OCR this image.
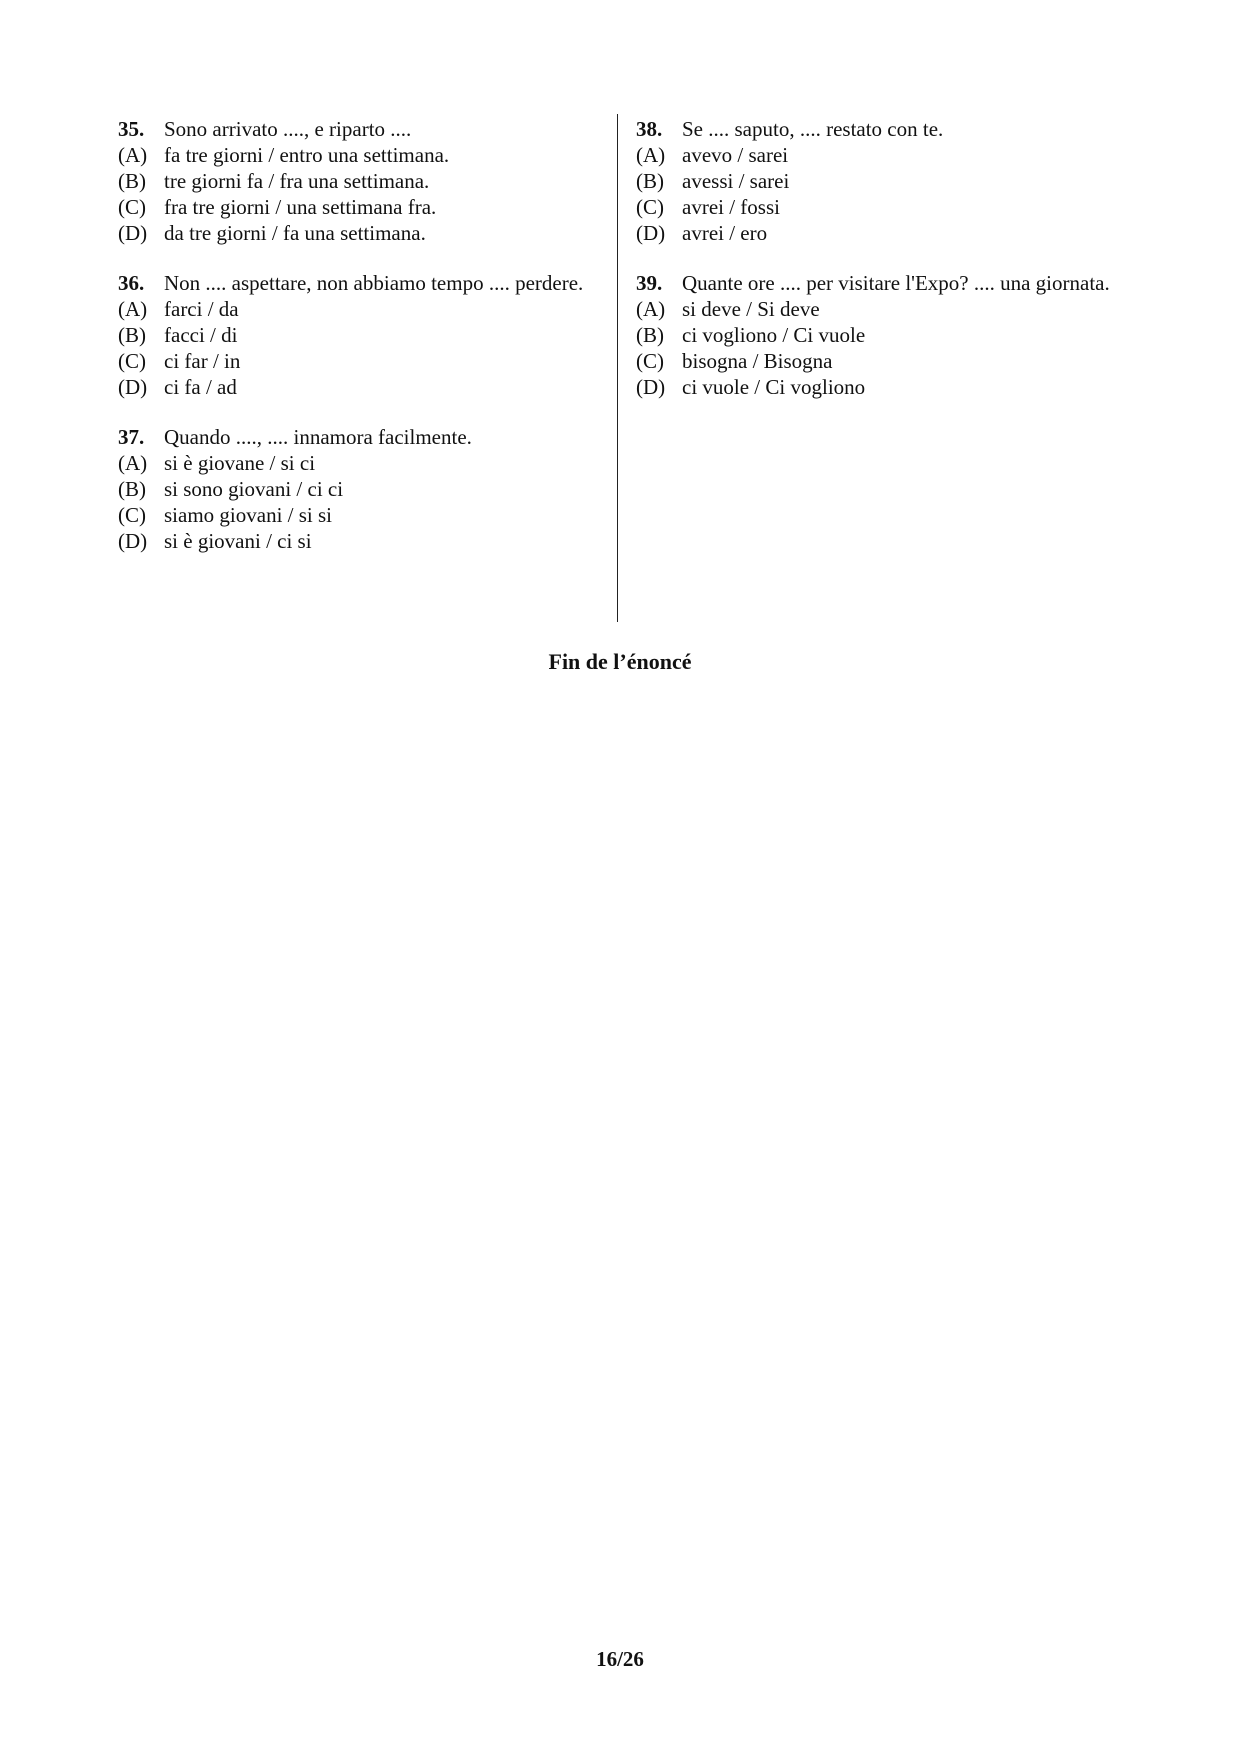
35. Sono arrivato ...., e riparto ....
(A) fa tre giorni / entro una settimana.
(B) tre giorni fa / fra una settimana.
(C) fra tre giorni / una settimana fra.
(D) da tre giorni / fa una settimana.
36. Non .... aspettare, non abbiamo tempo .... perdere.
(A) farci / da
(B) facci / di
(C) ci far / in
(D) ci fa / ad
37. Quando ...., .... innamora facilmente.
(A) si è giovane / si ci
(B) si sono giovani / ci ci
(C) siamo giovani / si si
(D) si è giovani / ci si
38. Se .... saputo, .... restato con te.
(A) avevo / sarei
(B) avessi / sarei
(C) avrei / fossi
(D) avrei / ero
39. Quante ore .... per visitare l'Expo? .... una giornata.
(A) si deve / Si deve
(B) ci vogliono / Ci vuole
(C) bisogna / Bisogna
(D) ci vuole / Ci vogliono
Fin de l’énoncé
16/26
